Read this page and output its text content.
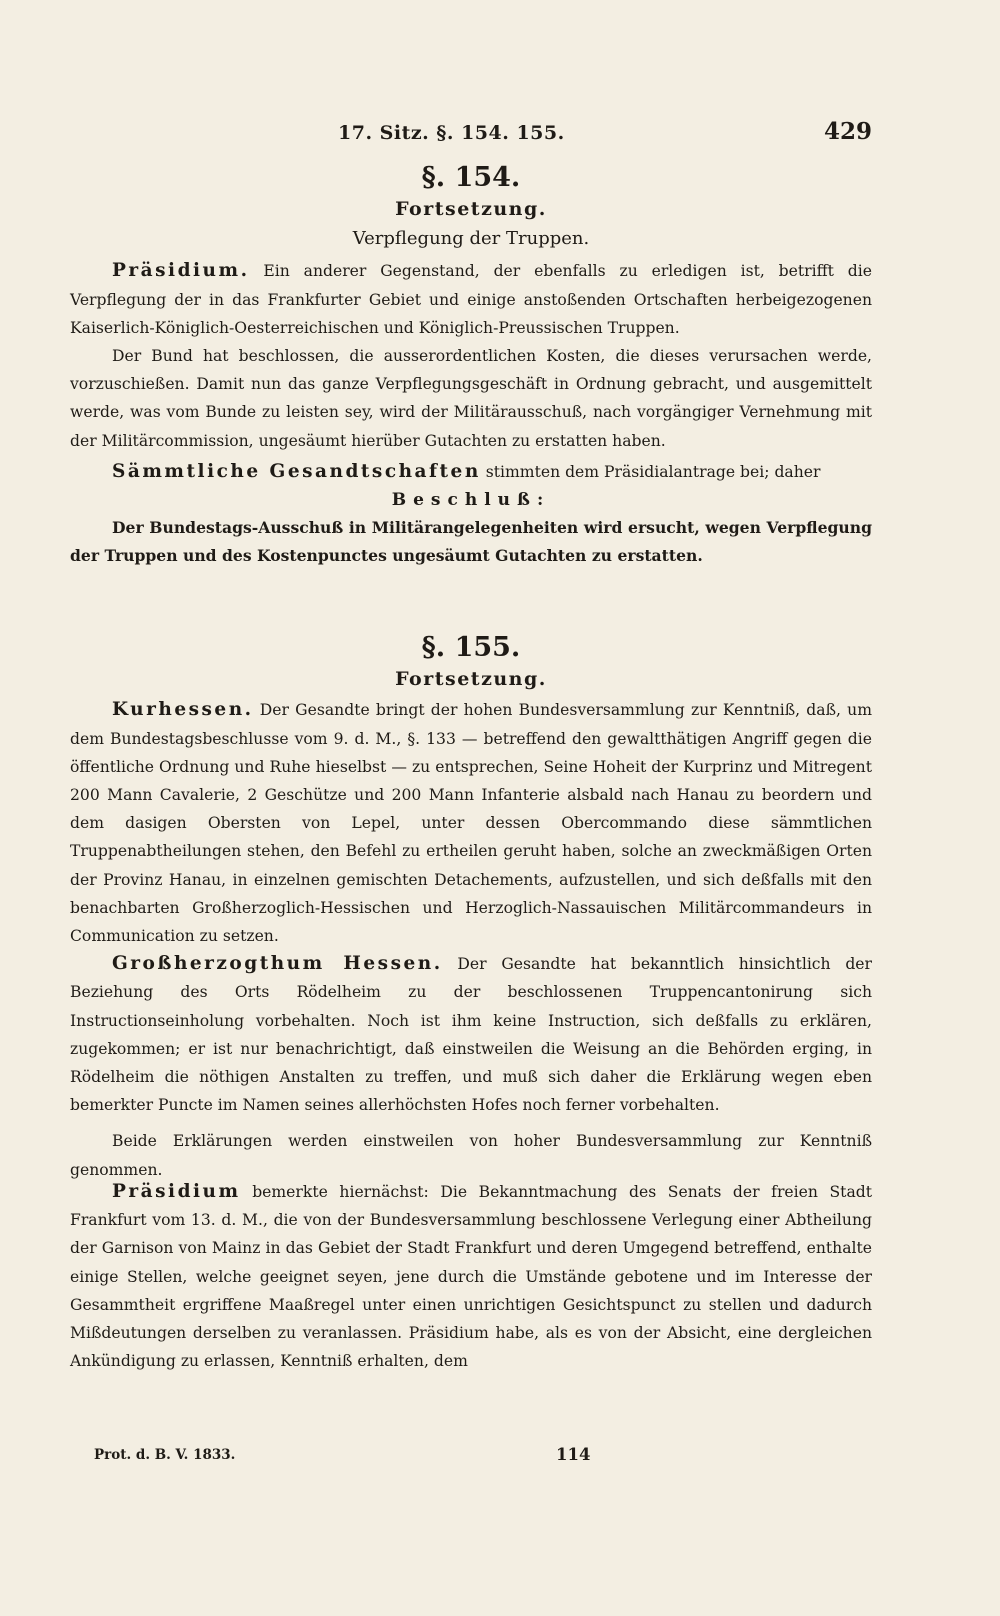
17. Sitz. §. 154. 155.	429

§. 154.

Fortsetzung.

Verpflegung der Truppen.

Präsidium. Ein anderer Gegenstand, der ebenfalls zu erledigen ist, betrifft die Verpflegung der in das Frankfurter Gebiet und einige anstoßenden Ortschaften herbeigezogenen Kaiserlich-Königlich-Oesterreichischen und Königlich-Preussischen Truppen.

Der Bund hat beschlossen, die ausserordentlichen Kosten, die dieses verursachen werde, vorzuschießen. Damit nun das ganze Verpflegungsgeschäft in Ordnung gebracht, und ausgemittelt werde, was vom Bunde zu leisten sey, wird der Militärausschuß, nach vorgängiger Vernehmung mit der Militärcommission, ungesäumt hierüber Gutachten zu erstatten haben.

Sämmtliche Gesandtschaften stimmten dem Präsidialantrage bei; daher

Beschluß:

Der Bundestags-Ausschuß in Militärangelegenheiten wird ersucht, wegen Verpflegung der Truppen und des Kostenpunctes ungesäumt Gutachten zu erstatten.

§. 155.

Fortsetzung.

Kurhessen. Der Gesandte bringt der hohen Bundesversammlung zur Kenntniß, daß, um dem Bundestagsbeschlusse vom 9. d. M., §. 133 — betreffend den gewaltthätigen Angriff gegen die öffentliche Ordnung und Ruhe hieselbst — zu entsprechen, Seine Hoheit der Kurprinz und Mitregent 200 Mann Cavalerie, 2 Geschütze und 200 Mann Infanterie alsbald nach Hanau zu beordern und dem dasigen Obersten von Lepel, unter dessen Obercommando diese sämmtlichen Truppenabtheilungen stehen, den Befehl zu ertheilen geruht haben, solche an zweckmäßigen Orten der Provinz Hanau, in einzelnen gemischten Detachements, aufzustellen, und sich deßfalls mit den benachbarten Großherzoglich-Hessischen und Herzoglich-Nassauischen Militärcommandeurs in Communication zu setzen.

Großherzogthum Hessen. Der Gesandte hat bekanntlich hinsichtlich der Beziehung des Orts Rödelheim zu der beschlossenen Truppencantonirung sich Instructionseinholung vorbehalten. Noch ist ihm keine Instruction, sich deßfalls zu erklären, zugekommen; er ist nur benachrichtigt, daß einstweilen die Weisung an die Behörden erging, in Rödelheim die nöthigen Anstalten zu treffen, und muß sich daher die Erklärung wegen eben bemerkter Puncte im Namen seines allerhöchsten Hofes noch ferner vorbehalten.

Beide Erklärungen werden einstweilen von hoher Bundesversammlung zur Kenntniß genommen.

Präsidium bemerkte hiernächst: Die Bekanntmachung des Senats der freien Stadt Frankfurt vom 13. d. M., die von der Bundesversammlung beschlossene Verlegung einer Abtheilung der Garnison von Mainz in das Gebiet der Stadt Frankfurt und deren Umgegend betreffend, enthalte einige Stellen, welche geeignet seyen, jene durch die Umstände gebotene und im Interesse der Gesammtheit ergriffene Maaßregel unter einen unrichtigen Gesichtspunct zu stellen und dadurch Mißdeutungen derselben zu veranlassen. Präsidium habe, als es von der Absicht, eine dergleichen Ankündigung zu erlassen, Kenntniß erhalten, dem

Prot. d. B. V. 1833.	114
